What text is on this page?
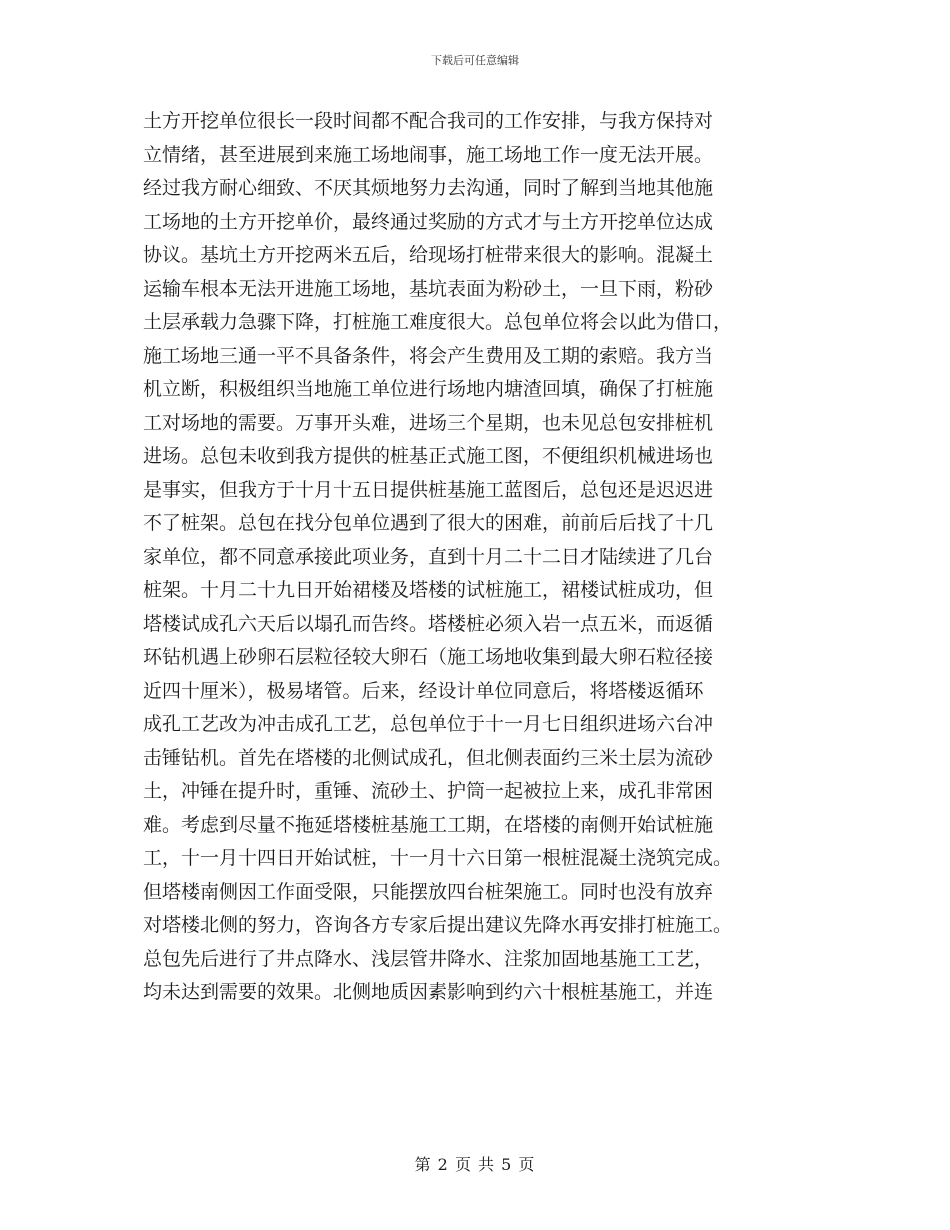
下载后可任意编辑
土方开挖单位很长一段时间都不配合我司的工作安排，与我方保持对
立情绪，甚至进展到来施工场地闹事，施工场地工作一度无法开展。
经过我方耐心细致、不厌其烦地努力去沟通，同时了解到当地其他施
工场地的土方开挖单价，最终通过奖励的方式才与土方开挖单位达成
协议。基坑土方开挖两米五后，给现场打桩带来很大的影响。混凝土
运输车根本无法开进施工场地，基坑表面为粉砂土，一旦下雨，粉砂
土层承载力急骤下降，打桩施工难度很大。总包单位将会以此为借口，
施工场地三通一平不具备条件，将会产生费用及工期的索赔。我方当
机立断，积极组织当地施工单位进行场地内塘渣回填，确保了打桩施
工对场地的需要。万事开头难，进场三个星期，也未见总包安排桩机
进场。总包未收到我方提供的桩基正式施工图，不便组织机械进场也
是事实，但我方于十月十五日提供桩基施工蓝图后，总包还是迟迟进
不了桩架。总包在找分包单位遇到了很大的困难，前前后后找了十几
家单位，都不同意承接此项业务，直到十月二十二日才陆续进了几台
桩架。十月二十九日开始裙楼及塔楼的试桩施工，裙楼试桩成功，但
塔楼试成孔六天后以塌孔而告终。塔楼桩必须入岩一点五米，而返循
环钻机遇上砂卵石层粒径较大卵石（施工场地收集到最大卵石粒径接
近四十厘米），极易堵管。后来，经设计单位同意后，将塔楼返循环
成孔工艺改为冲击成孔工艺，总包单位于十一月七日组织进场六台冲
击锤钻机。首先在塔楼的北侧试成孔，但北侧表面约三米土层为流砂
土，冲锤在提升时，重锤、流砂土、护筒一起被拉上来，成孔非常困
难。考虑到尽量不拖延塔楼桩基施工工期，在塔楼的南侧开始试桩施
工，十一月十四日开始试桩，十一月十六日第一根桩混凝土浇筑完成。
但塔楼南侧因工作面受限，只能摆放四台桩架施工。同时也没有放弃
对塔楼北侧的努力，咨询各方专家后提出建议先降水再安排打桩施工。
总包先后进行了井点降水、浅层管井降水、注浆加固地基施工工艺，
均未达到需要的效果。北侧地质因素影响到约六十根桩基施工，并连
第 2 页 共 5 页
